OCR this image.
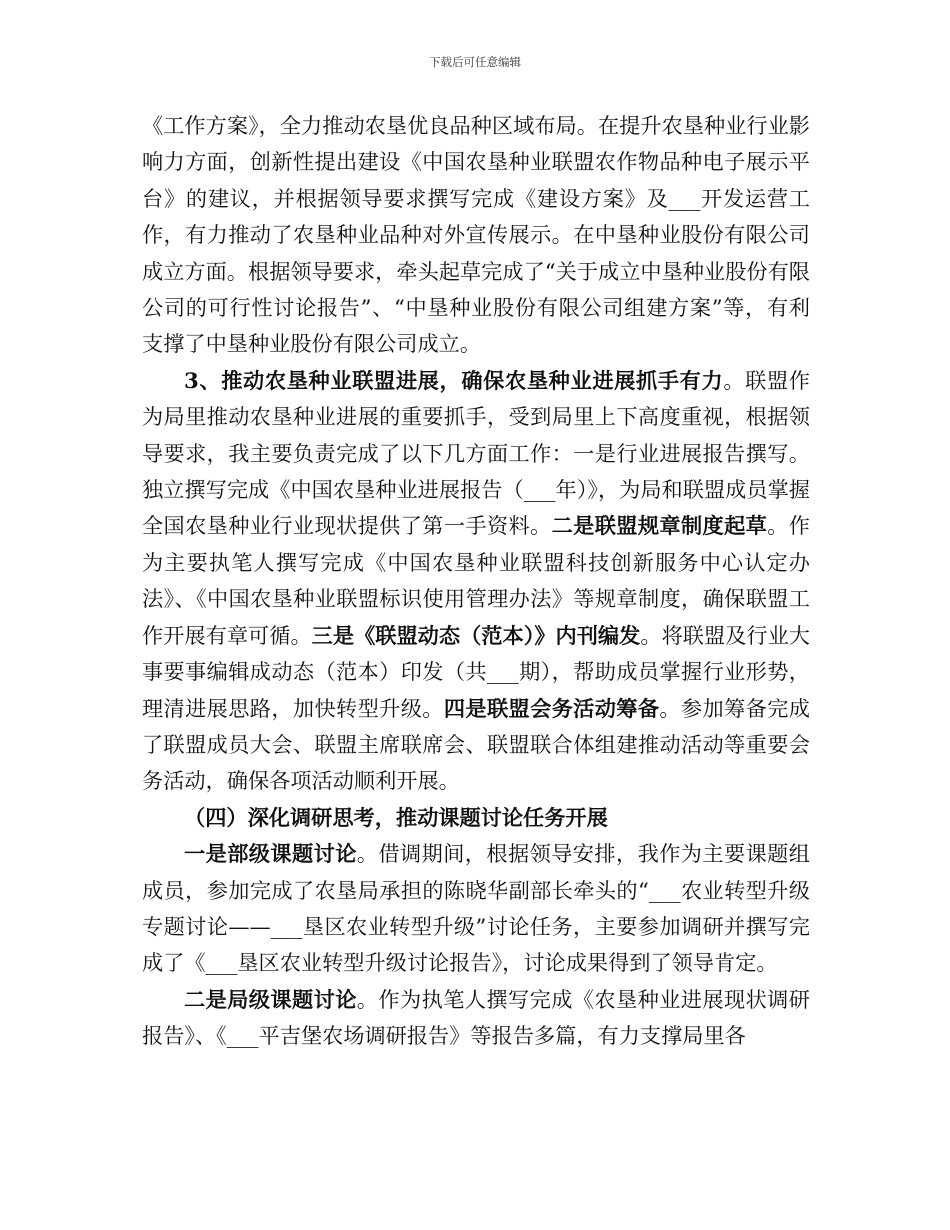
下载后可任意编辑

《工作方案》，全力推动农垦优良品种区域布局。在提升农垦种业行业影响力方面，创新性提出建设《中国农垦种业联盟农作物品种电子展示平台》的建议，并根据领导要求撰写完成《建设方案》及___开发运营工作，有力推动了农垦种业品种对外宣传展示。在中垦种业股份有限公司成立方面。根据领导要求，牵头起草完成了“关于成立中垦种业股份有限公司的可行性讨论报告”、“中垦种业股份有限公司组建方案”等，有利支撑了中垦种业股份有限公司成立。

3、推动农垦种业联盟进展，确保农垦种业进展抓手有力。联盟作为局里推动农垦种业进展的重要抓手，受到局里上下高度重视，根据领导要求，我主要负责完成了以下几方面工作：一是行业进展报告撰写。独立撰写完成《中国农垦种业进展报告（___年）》，为局和联盟成员掌握全国农垦种业行业现状提供了第一手资料。二是联盟规章制度起草。作为主要执笔人撰写完成《中国农垦种业联盟科技创新服务中心认定办法》、《中国农垦种业联盟标识使用管理办法》等规章制度，确保联盟工作开展有章可循。三是《联盟动态（范本）》内刊编发。将联盟及行业大事要事编辑成动态（范本）印发（共___期），帮助成员掌握行业形势，理清进展思路，加快转型升级。四是联盟会务活动筹备。参加筹备完成了联盟成员大会、联盟主席联席会、联盟联合体组建推动活动等重要会务活动，确保各项活动顺利开展。

（四）深化调研思考，推动课题讨论任务开展

一是部级课题讨论。借调期间，根据领导安排，我作为主要课题组成员，参加完成了农垦局承担的陈晓华副部长牵头的“___农业转型升级专题讨论——___垦区农业转型升级”讨论任务，主要参加调研并撰写完成了《___垦区农业转型升级讨论报告》，讨论成果得到了领导肯定。

二是局级课题讨论。作为执笔人撰写完成《农垦种业进展现状调研报告》、《___平吉堡农场调研报告》等报告多篇，有力支撑局里各
